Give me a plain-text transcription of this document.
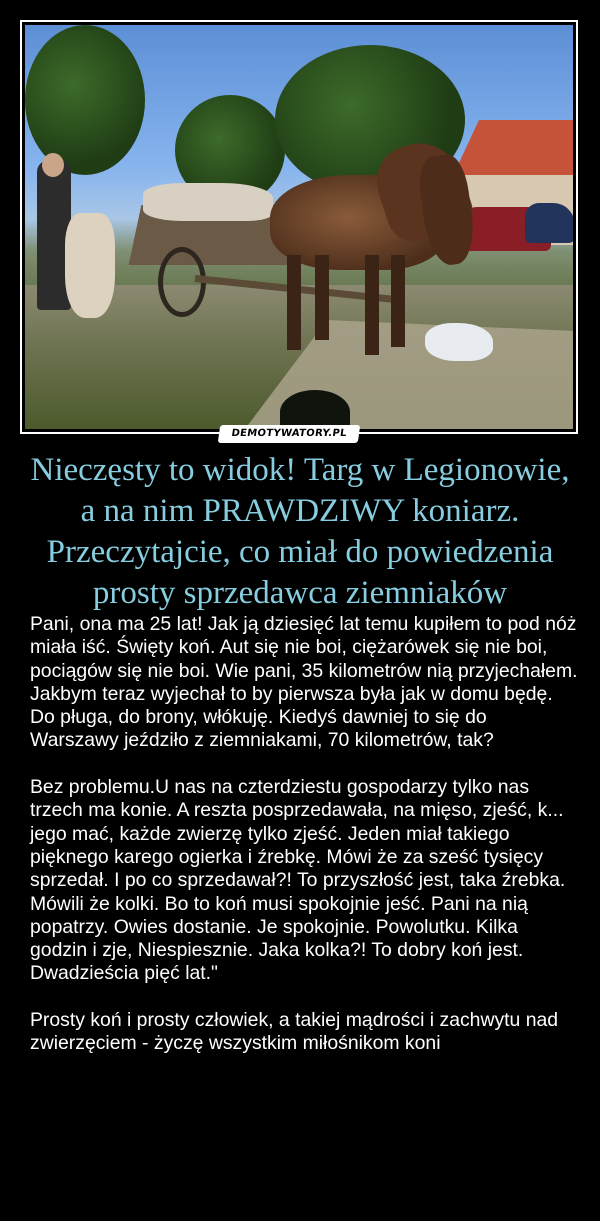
DEMOTYWATORY.PL
Nieczęsty to widok! Targ w Legionowie, a na nim PRAWDZIWY koniarz. Przeczytajcie, co miał do powiedzenia prosty sprzedawca ziemniaków

Pani, ona ma 25 lat! Jak ją dziesięć lat temu kupiłem to pod nóż miała iść. Święty koń. Aut się nie boi, ciężarówek się nie boi, pociągów się nie boi. Wie pani, 35 kilometrów nią przyjechałem. Jakbym teraz wyjechał to by pierwsza była jak w domu będę. Do pługa, do brony, włókuję. Kiedyś dawniej to się do Warszawy jeździło z ziemniakami, 70 kilometrów, tak?

Bez problemu.U nas na czterdziestu gospodarzy tylko nas trzech ma konie. A reszta posprzedawała, na mięso, zjeść, k... jego mać, każde zwierzę tylko zjeść. Jeden miał takiego pięknego karego ogierka i źrebkę. Mówi że za sześć tysięcy sprzedał. I po co sprzedawał?! To przyszłość jest, taka źrebka. Mówili że kolki. Bo to koń musi spokojnie jeść. Pani na nią popatrzy. Owies dostanie. Je spokojnie. Powolutku. Kilka godzin i zje, Niespiesznie. Jaka kolka?! To dobry koń jest. Dwadzieścia pięć lat."

Prosty koń i prosty człowiek, a takiej mądrości i zachwytu nad zwierzęciem - życzę wszystkim miłośnikom koni
